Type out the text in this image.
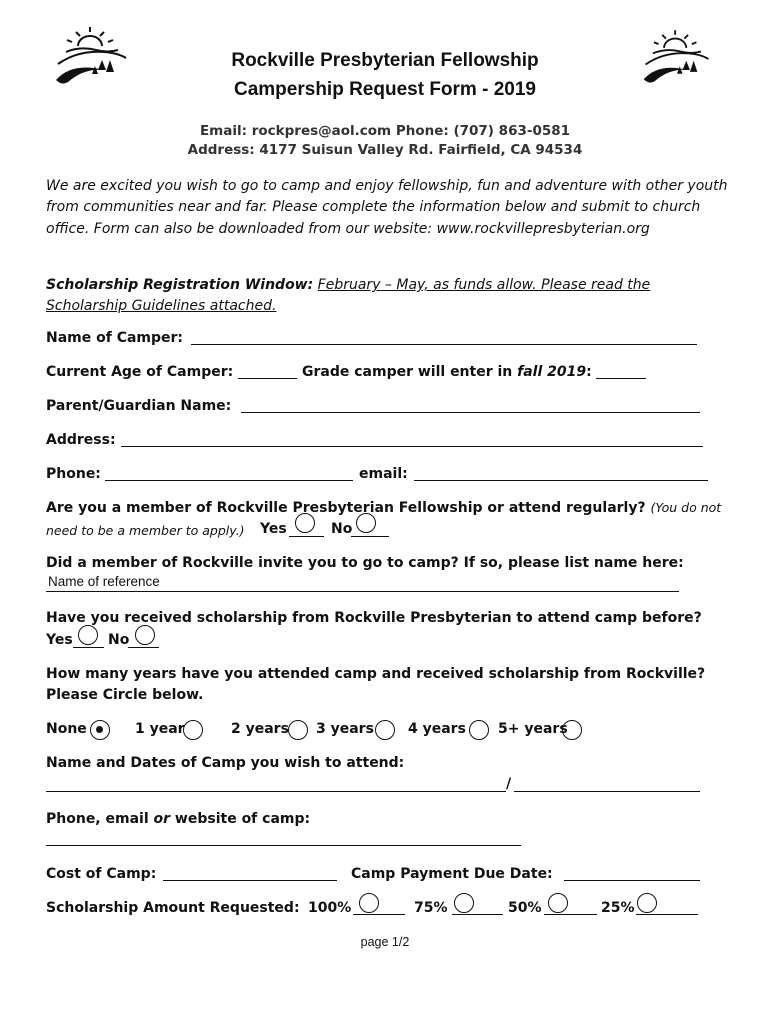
Rockville Presbyterian Fellowship
Campership Request Form - 2019
Email: rockpres@aol.com Phone: (707) 863-0581
Address: 4177 Suisun Valley Rd. Fairfield, CA 94534
We are excited you wish to go to camp and enjoy fellowship, fun and adventure with other youth from communities near and far. Please complete the information below and submit to church office. Form can also be downloaded from our website: www.rockvillepresbyterian.org
Scholarship Registration Window: February – May, as funds allow. Please read the
Scholarship Guidelines attached.
Name of Camper:
Current Age of Camper:	Grade camper will enter in fall 2019:
Parent/Guardian Name:
Address:
Phone:	email:
Are you a member of Rockville Presbyterian Fellowship or attend regularly? (You do not
need to be a member to apply.) Yes	No
Did a member of Rockville invite you to go to camp? If so, please list name here:
Name of reference
Have you received scholarship from Rockville Presbyterian to attend camp before?
Yes	No
How many years have you attended camp and received scholarship from Rockville?
Please Circle below.
None	1 year	2 years 3 years 4 years 5+ years
Name and Dates of Camp you wish to attend:
/
Phone, email or website of camp:
Cost of Camp:	Camp Payment Due Date:
Scholarship Amount Requested: 100%	75%	50%	25%
page 1/2
